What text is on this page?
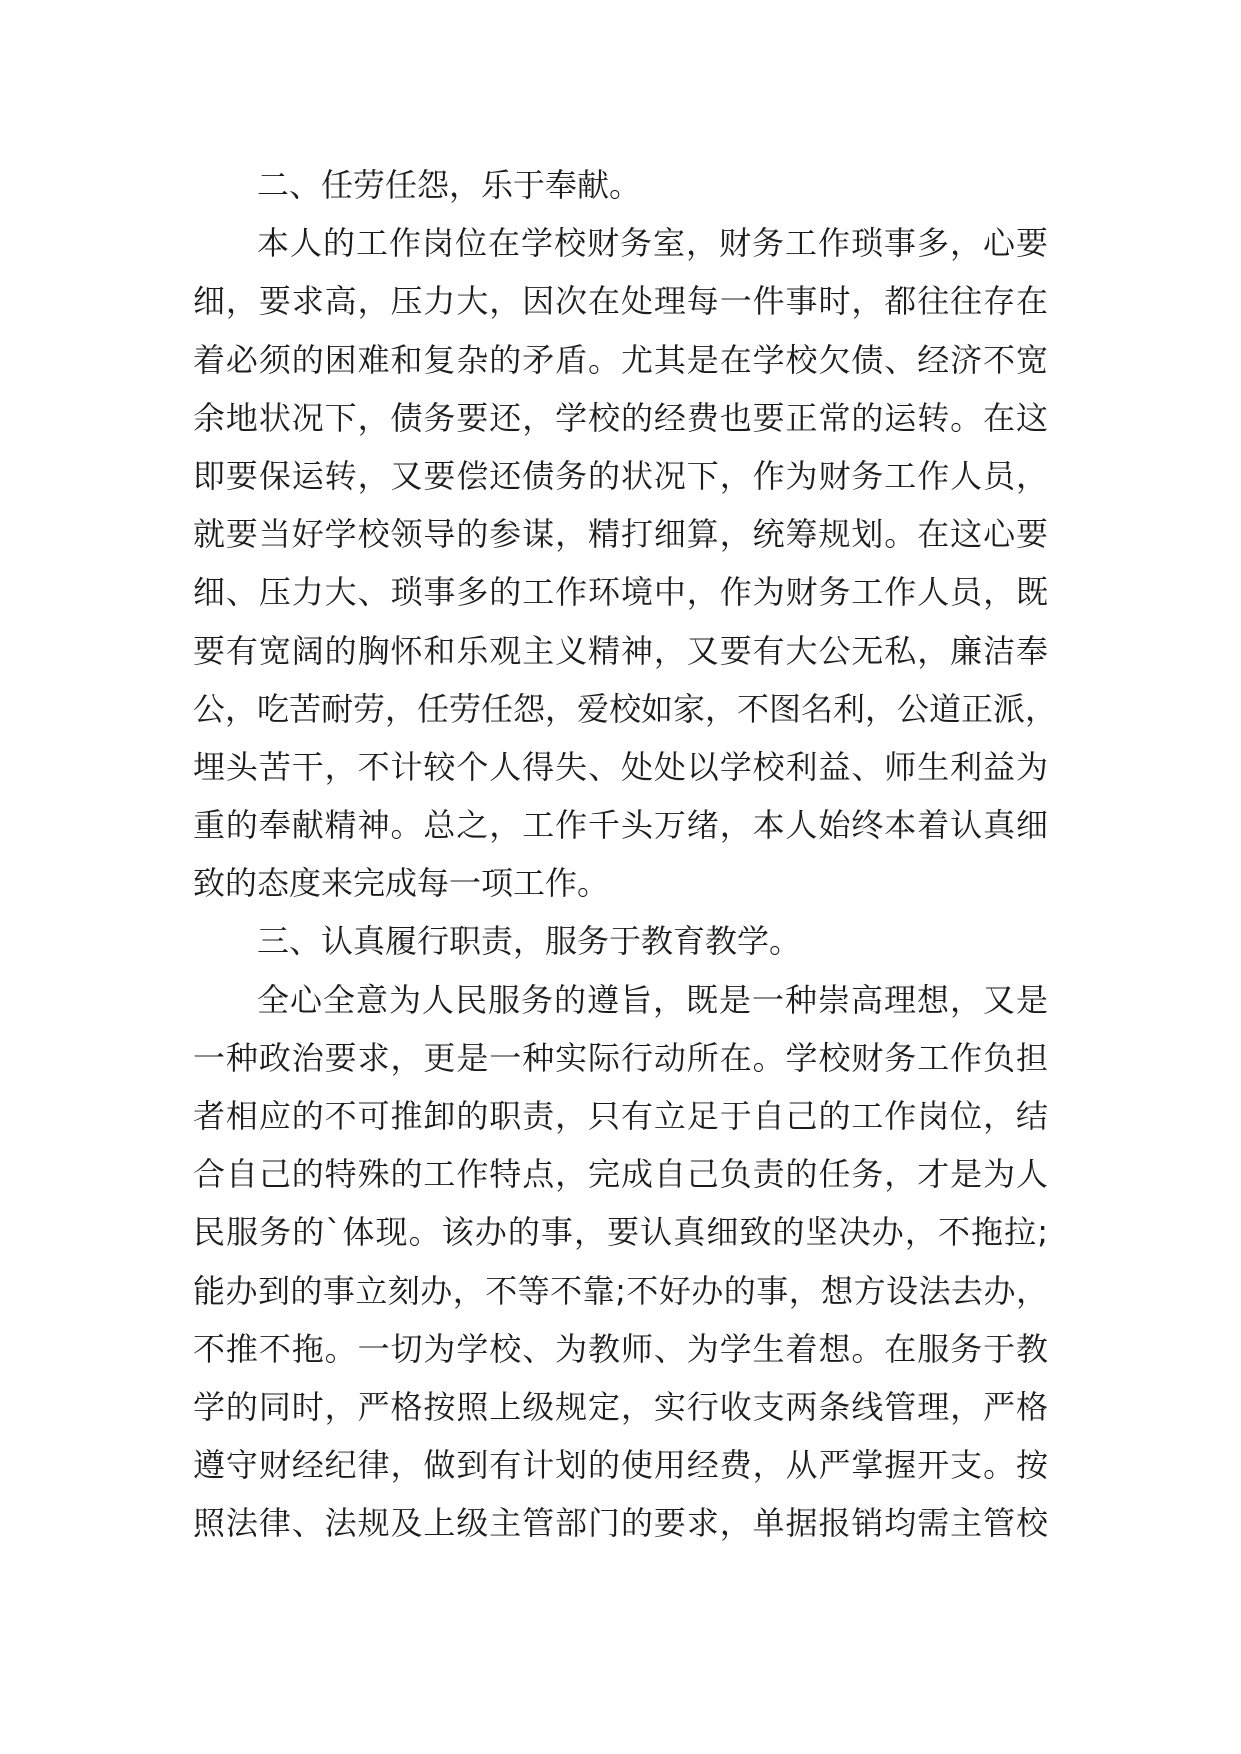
二、任劳任怨，乐于奉献。
本人的工作岗位在学校财务室，财务工作琐事多，心要
细，要求高，压力大，因次在处理每一件事时，都往往存在
着必须的困难和复杂的矛盾。尤其是在学校欠债、经济不宽
余地状况下，债务要还，学校的经费也要正常的运转。在这
即要保运转，又要偿还债务的状况下，作为财务工作人员，
就要当好学校领导的参谋，精打细算，统筹规划。在这心要
细、压力大、琐事多的工作环境中，作为财务工作人员，既
要有宽阔的胸怀和乐观主义精神，又要有大公无私，廉洁奉
公，吃苦耐劳，任劳任怨，爱校如家，不图名利，公道正派，
埋头苦干，不计较个人得失、处处以学校利益、师生利益为
重的奉献精神。总之，工作千头万绪，本人始终本着认真细
致的态度来完成每一项工作。
三、认真履行职责，服务于教育教学。
全心全意为人民服务的遵旨，既是一种崇高理想，又是
一种政治要求，更是一种实际行动所在。学校财务工作负担
者相应的不可推卸的职责，只有立足于自己的工作岗位，结
合自己的特殊的工作特点，完成自己负责的任务，才是为人
民服务的`体现。该办的事，要认真细致的坚决办，不拖拉;
能办到的事立刻办，不等不靠;不好办的事，想方设法去办，
不推不拖。一切为学校、为教师、为学生着想。在服务于教
学的同时，严格按照上级规定，实行收支两条线管理，严格
遵守财经纪律，做到有计划的使用经费，从严掌握开支。按
照法律、法规及上级主管部门的要求，单据报销均需主管校
